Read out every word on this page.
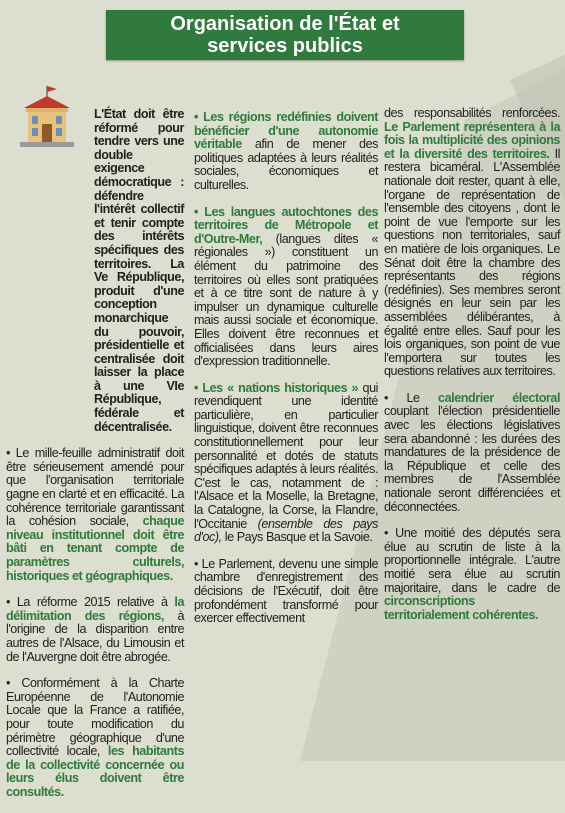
Organisation de l'État et
services publics

L'État doit être réformé pour tendre vers une double exigence démocratique : défendre l'intérêt collectif et tenir compte des intérêts spécifiques des territoires. La Ve République, produit d'une conception monarchique du pouvoir, présidentielle et centralisée doit laisser la place à une VIe République, fédérale et décentralisée.

• Le mille-feuille administratif doit être sérieusement amendé pour que l'organisation territoriale gagne en clarté et en efficacité. La cohérence territoriale garantissant la cohésion sociale, chaque niveau institutionnel doit être bâti en tenant compte de paramètres culturels, historiques et géographiques.

• La réforme 2015 relative à la délimitation des régions, à l'origine de la disparition entre autres de l'Alsace, du Limousin et de l'Auvergne doit être abrogée.

• Conformément à la Charte Européenne de l'Autonomie Locale que la France a ratifiée, pour toute modification du périmètre géographique d'une collectivité locale, les habitants de la collectivité concernée ou leurs élus doivent être consultés.

• Les régions redéfinies doivent bénéficier d'une autonomie véritable afin de mener des politiques adaptées à leurs réalités sociales, économiques et culturelles.

• Les langues autochtones des territoires de Métropole et d'Outre-Mer, (langues dites « régionales ») constituent un élément du patrimoine des territoires où elles sont pratiquées et à ce titre sont de nature à y impulser un dynamique culturelle mais aussi sociale et économique. Elles doivent être reconnues et officialisées dans leurs aires d'expression traditionnelle.

• Les « nations historiques » qui revendiquent une identité particulière, en particulier linguistique, doivent être reconnues constitutionnellement pour leur personnalité et dotés de statuts spécifiques adaptés à leurs réalités. C'est le cas, notamment de : l'Alsace et la Moselle, la Bretagne, la Catalogne, la Corse, la Flandre, l'Occitanie (ensemble des pays d'oc), le Pays Basque et la Savoie.

• Le Parlement, devenu une simple chambre d'enregistrement des décisions de l'Exécutif, doit être profondément transformé pour exercer effectivement

des responsabilités renforcées. Le Parlement représentera à la fois la multiplicité des opinions et la diversité des territoires. Il restera bicaméral. L'Assemblée nationale doit rester, quant à elle, l'organe de représentation de l'ensemble des citoyens , dont le point de vue l'emporte sur les questions non territoriales, sauf en matière de lois organiques. Le Sénat doit être la chambre des représentants des régions (redéfinies). Ses membres seront désignés en leur sein par les assemblées délibérantes, à égalité entre elles. Sauf pour les lois organiques, son point de vue l'emportera sur toutes les questions relatives aux territoires.

• Le calendrier électoral couplant l'élection présidentielle avec les élections législatives sera abandonné : les durées des mandatures de la présidence de la République et celle des membres de l'Assemblée nationale seront différenciées et déconnectées.

• Une moitié des députés sera élue au scrutin de liste à la proportionnelle intégrale. L'autre moitié sera élue au scrutin majoritaire, dans le cadre de circonscriptions territorialement cohérentes.
